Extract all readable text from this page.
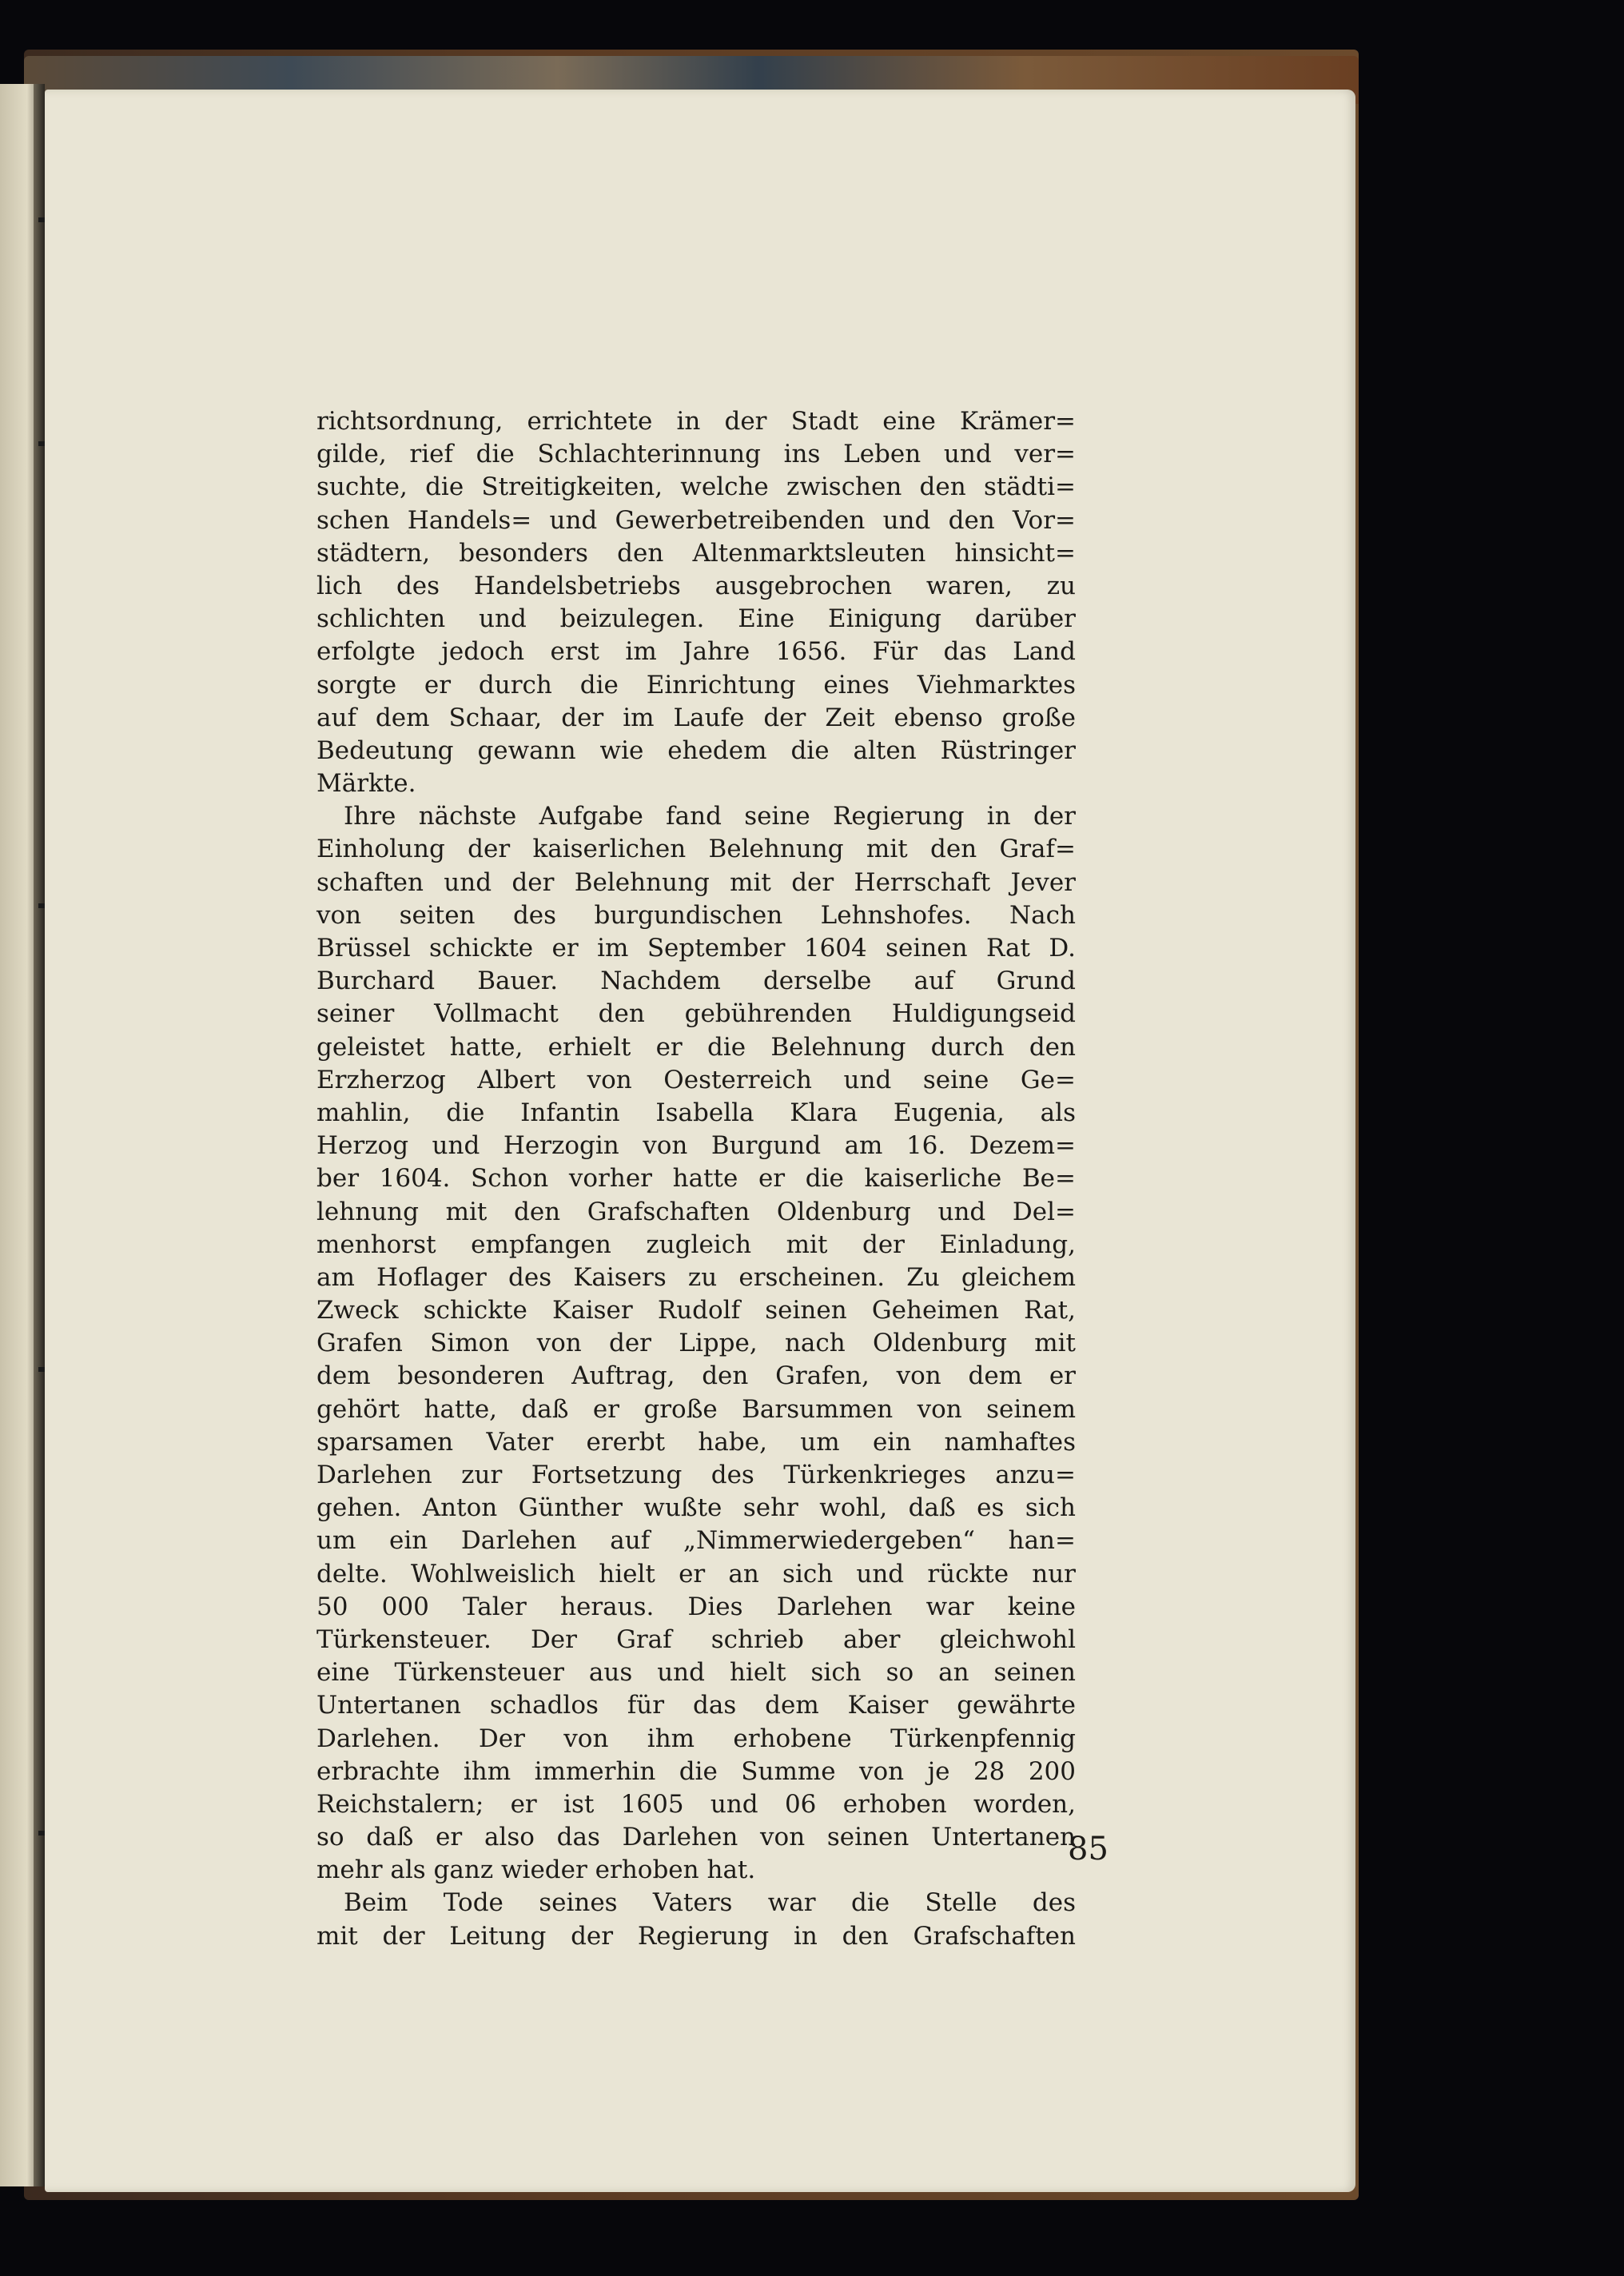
richtsordnung, errichtete in der Stadt eine Krämer=
gilde, rief die Schlachterinnung ins Leben und ver=
suchte, die Streitigkeiten, welche zwischen den städti=
schen Handels= und Gewerbetreibenden und den Vor=
städtern, besonders den Altenmarktsleuten hinsicht=
lich des Handelsbetriebs ausgebrochen waren, zu
schlichten und beizulegen. Eine Einigung darüber
erfolgte jedoch erst im Jahre 1656. Für das Land
sorgte er durch die Einrichtung eines Viehmarktes
auf dem Schaar, der im Laufe der Zeit ebenso große
Bedeutung gewann wie ehedem die alten Rüstringer
Märkte.
Ihre nächste Aufgabe fand seine Regierung in der
Einholung der kaiserlichen Belehnung mit den Graf=
schaften und der Belehnung mit der Herrschaft Jever
von seiten des burgundischen Lehnshofes. Nach
Brüssel schickte er im September 1604 seinen Rat D.
Burchard Bauer. Nachdem derselbe auf Grund
seiner Vollmacht den gebührenden Huldigungseid
geleistet hatte, erhielt er die Belehnung durch den
Erzherzog Albert von Oesterreich und seine Ge=
mahlin, die Infantin Isabella Klara Eugenia, als
Herzog und Herzogin von Burgund am 16. Dezem=
ber 1604. Schon vorher hatte er die kaiserliche Be=
lehnung mit den Grafschaften Oldenburg und Del=
menhorst empfangen zugleich mit der Einladung,
am Hoflager des Kaisers zu erscheinen. Zu gleichem
Zweck schickte Kaiser Rudolf seinen Geheimen Rat,
Grafen Simon von der Lippe, nach Oldenburg mit
dem besonderen Auftrag, den Grafen, von dem er
gehört hatte, daß er große Barsummen von seinem
sparsamen Vater ererbt habe, um ein namhaftes
Darlehen zur Fortsetzung des Türkenkrieges anzu=
gehen. Anton Günther wußte sehr wohl, daß es sich
um ein Darlehen auf „Nimmerwiedergeben“ han=
delte. Wohlweislich hielt er an sich und rückte nur
50 000 Taler heraus. Dies Darlehen war keine
Türkensteuer. Der Graf schrieb aber gleichwohl
eine Türkensteuer aus und hielt sich so an seinen
Untertanen schadlos für das dem Kaiser gewährte
Darlehen. Der von ihm erhobene Türkenpfennig
erbrachte ihm immerhin die Summe von je 28 200
Reichstalern; er ist 1605 und 06 erhoben worden,
so daß er also das Darlehen von seinen Untertanen
mehr als ganz wieder erhoben hat.
Beim Tode seines Vaters war die Stelle des
mit der Leitung der Regierung in den Grafschaften
85
